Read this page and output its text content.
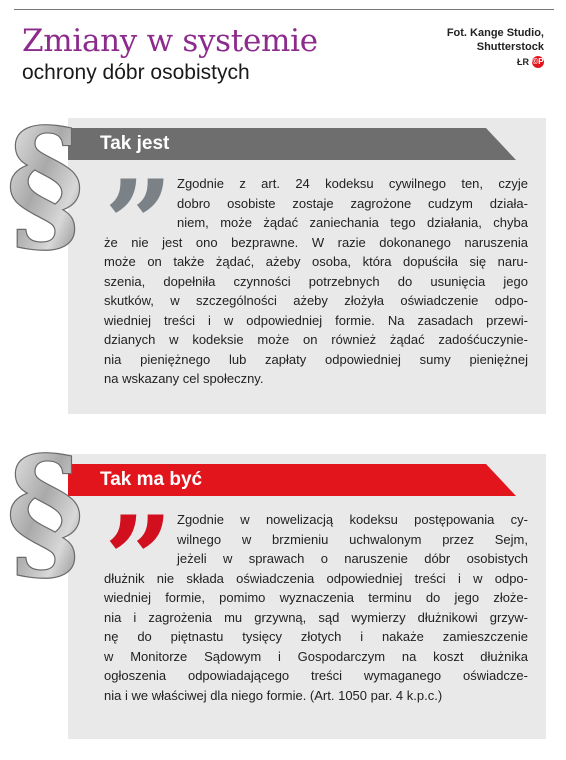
Zmiany w systemie
ochrony dóbr osobistych
Fot. Kange Studio,
Shutterstock
ŁR ©P
Tak jest
§ ” Zgodnie z art. 24 kodeksu cywilnego ten, czyje
dobro osobiste zostaje zagrożone cudzym działa-
niem, może żądać zaniechania tego działania, chyba
że nie jest ono bezprawne. W razie dokonanego naruszenia
może on także żądać, ażeby osoba, która dopuściła się naru-
szenia, dopełniła czynności potrzebnych do usunięcia jego
skutków, w szczególności ażeby złożyła oświadczenie odpo-
wiedniej treści i w odpowiedniej formie. Na zasadach przewi-
dzianych w kodeksie może on również żądać zadośćuczynie-
nia pieniężnego lub zapłaty odpowiedniej sumy pieniężnej
na wskazany cel społeczny.
Tak ma być
§ ” Zgodnie w nowelizacją kodeksu postępowania cy-
wilnego w brzmieniu uchwalonym przez Sejm,
jeżeli w sprawach o naruszenie dóbr osobistych
dłużnik nie składa oświadczenia odpowiedniej treści i w odpo-
wiedniej formie, pomimo wyznaczenia terminu do jego złoże-
nia i zagrożenia mu grzywną, sąd wymierzy dłużnikowi grzyw-
nę do piętnastu tysięcy złotych i nakaże zamieszczenie
w Monitorze Sądowym i Gospodarczym na koszt dłużnika
ogłoszenia odpowiadającego treści wymaganego oświadcze-
nia i we właściwej dla niego formie. (Art. 1050 par. 4 k.p.c.)
